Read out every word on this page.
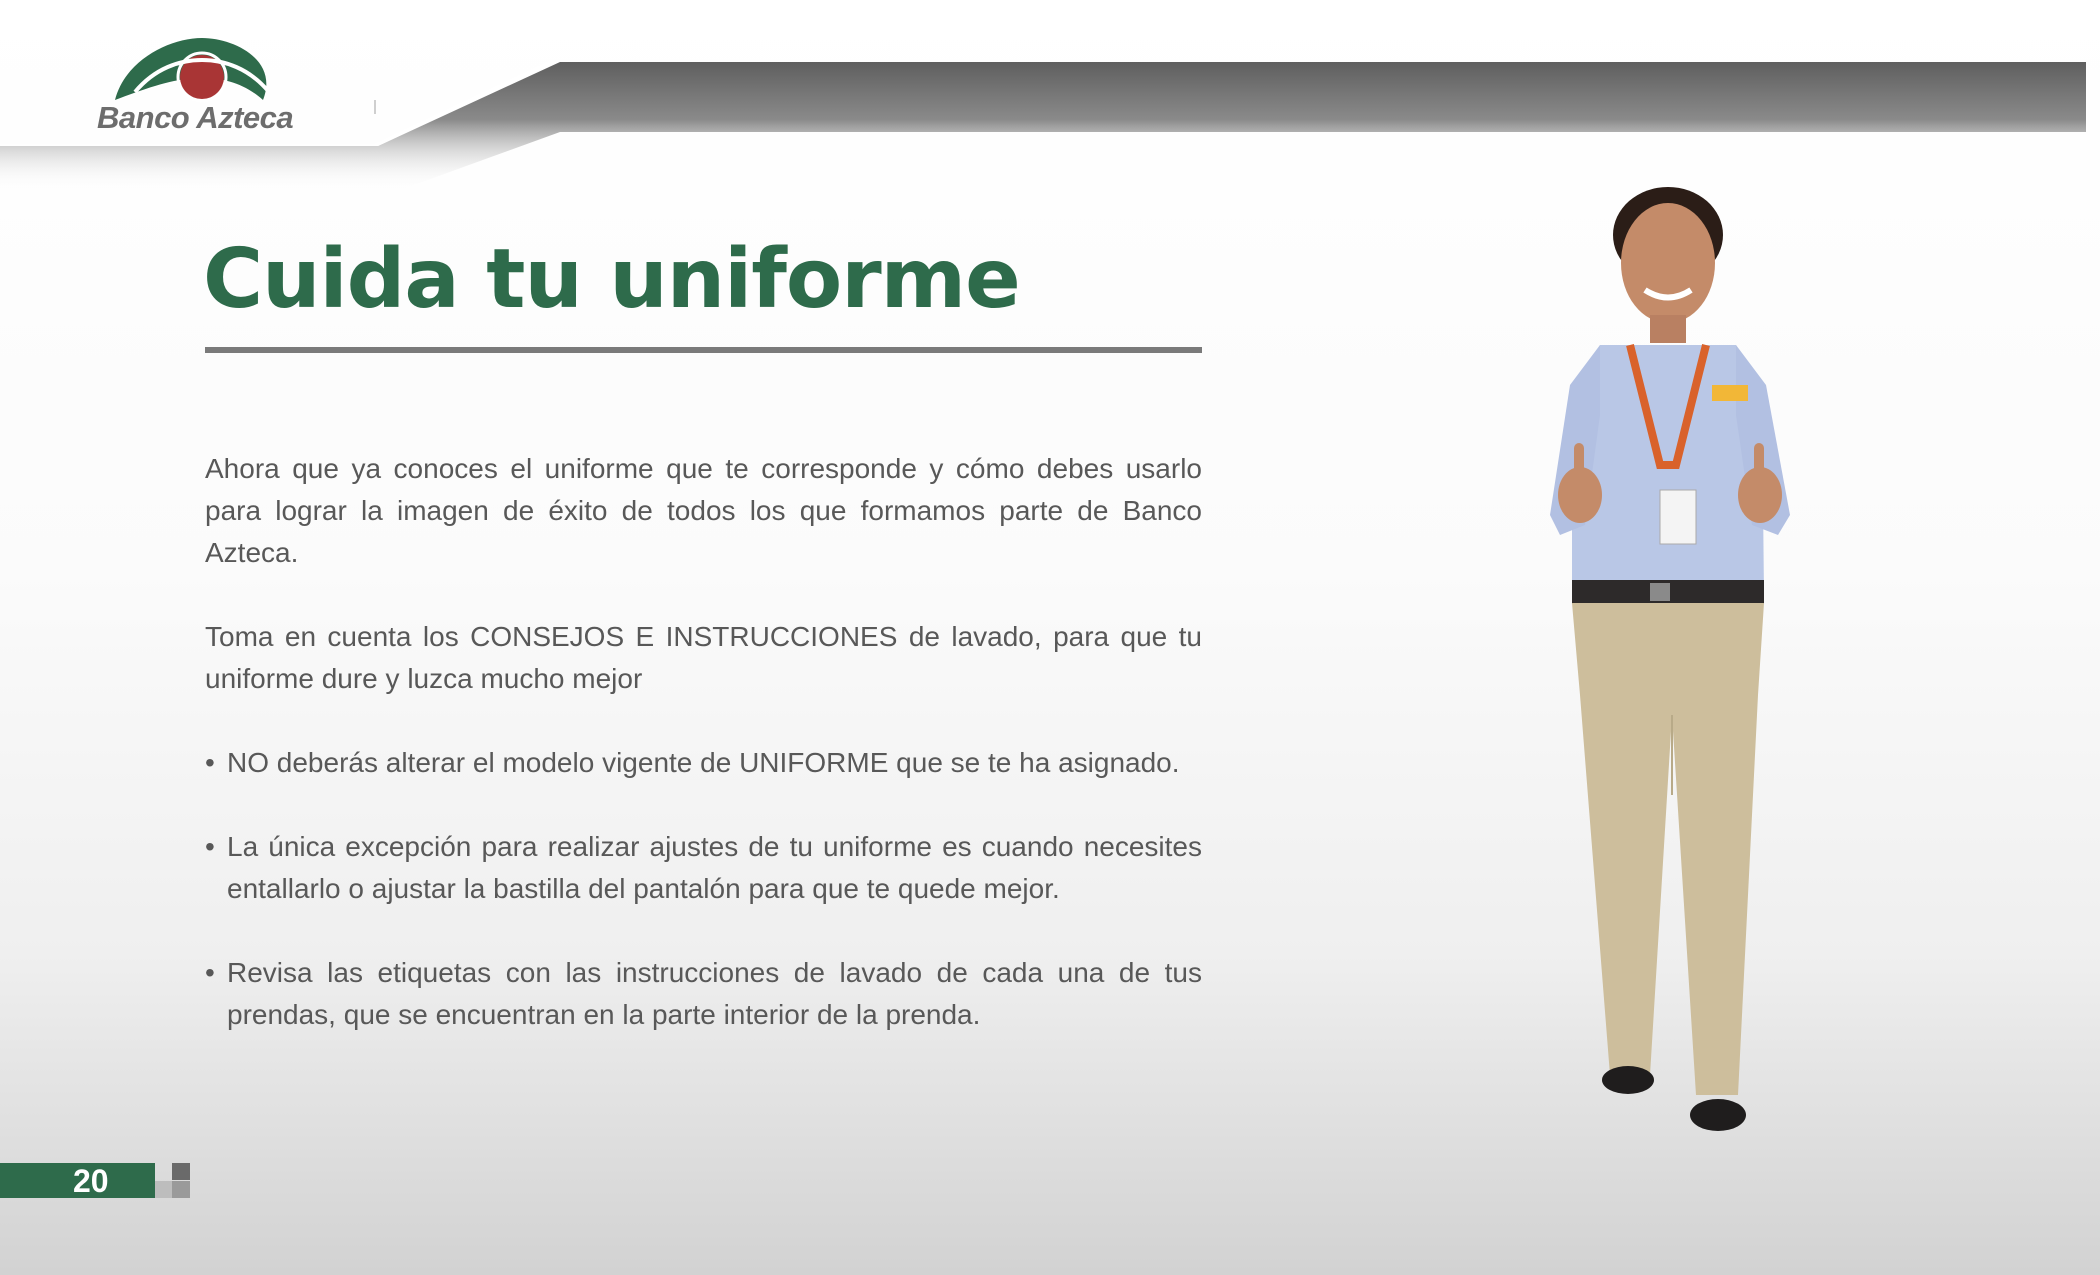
Banco Azteca
Cuida tu uniforme

Ahora que ya conoces el uniforme que te corresponde y cómo debes usarlo para lograr la imagen de éxito de todos los que formamos parte de Banco Azteca.

Toma en cuenta los CONSEJOS E INSTRUCCIONES de lavado, para que tu uniforme dure y luzca mucho mejor

• NO deberás alterar el modelo vigente de UNIFORME que se te ha asignado.
• La única excepción para realizar ajustes de tu uniforme es cuando necesites entallarlo o ajustar la bastilla del pantalón para que te quede mejor.
• Revisa las etiquetas con las instrucciones de lavado de cada una de tus prendas, que se encuentran en la parte interior de la prenda.
20
